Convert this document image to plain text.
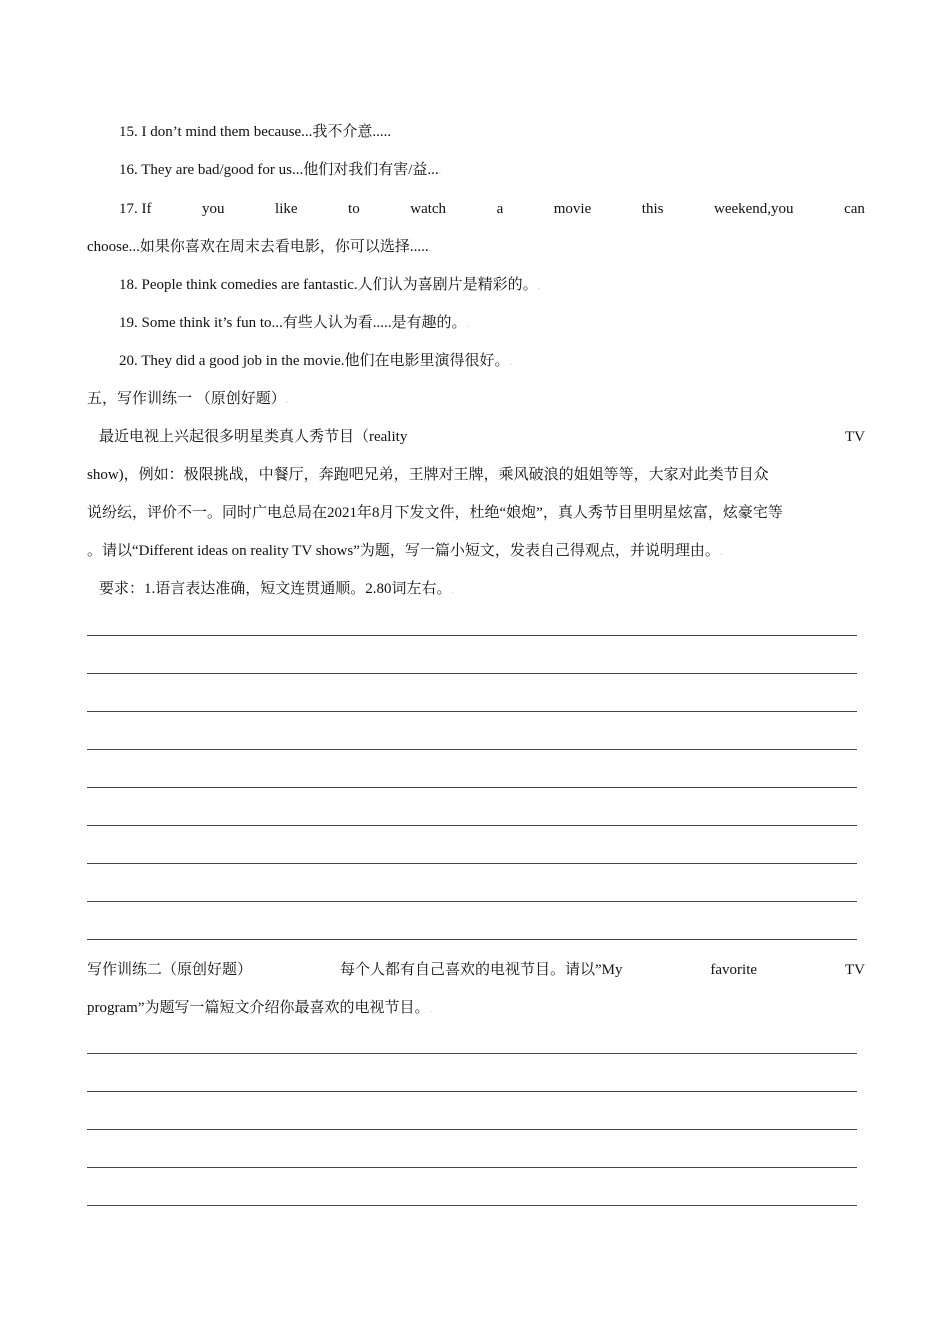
15. I don’t mind them because...我不介意.....
16. They are bad/good for us...他们对我们有害/益....
17. If	you	like	to	watch	a	movie	this	weekend,you	can
choose...如果你喜欢在周末去看电影，你可以选择......
18. People think comedies are fantastic.人们认为喜剧片是精彩的。.
19. Some think it’s fun to...有些人认为看.....是有趣的。.
20. They did a good job in the movie.他们在电影里演得很好。.
五，写作训练一 （原创好题）.
最近电视上兴起很多明星类真人秀节目（reality	TV
show)，例如：极限挑战，中餐厅，奔跑吧兄弟，王牌对王牌，乘风破浪的姐姐等等，大家对此类节目众
说纷纭，评价不一。同时广电总局在2021年8月下发文件，杜绝“娘炮”，真人秀节目里明星炫富，炫豪宅等
。请以“Different ideas on reality TV shows”为题，写一篇小短文，发表自己得观点，并说明理由。.
要求：1.语言表达准确，短文连贯通顺。2.80词左右。.
写作训练二（原创好题）	每个人都有自己喜欢的电视节目。请以”My	favorite	TV
program”为题写一篇短文介绍你最喜欢的电视节目。.
